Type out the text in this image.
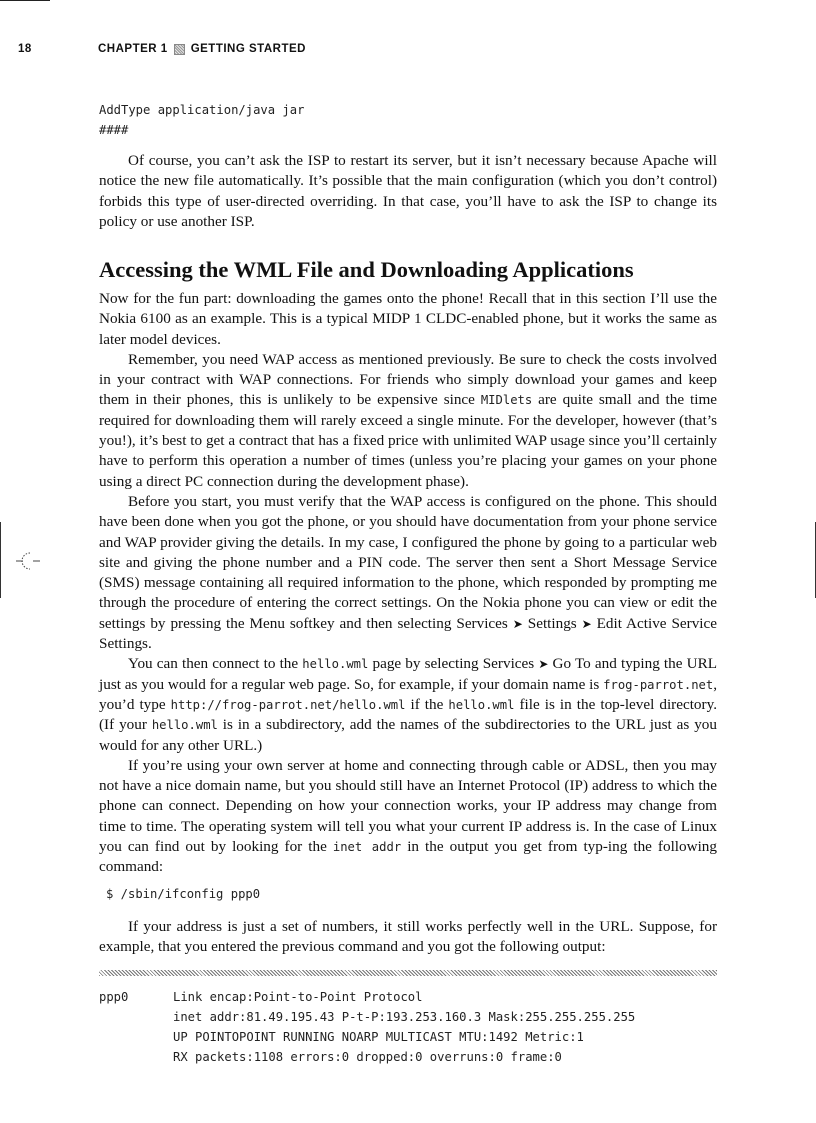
18	CHAPTER 1 GETTING STARTED
AddType application/java jar
####

Of course, you can’t ask the ISP to restart its server, but it isn’t necessary because Apache will notice the new file automatically. It’s possible that the main configuration (which you don’t control) forbids this type of user-directed overriding. In that case, you’ll have to ask the ISP to change its policy or use another ISP.

Accessing the WML File and Downloading Applications

Now for the fun part: downloading the games onto the phone! Recall that in this section I’ll use the Nokia 6100 as an example. This is a typical MIDP 1 CLDC-enabled phone, but it works the same as later model devices.

Remember, you need WAP access as mentioned previously. Be sure to check the costs involved in your contract with WAP connections. For friends who simply download your games and keep them in their phones, this is unlikely to be expensive since MIDlets are quite small and the time required for downloading them will rarely exceed a single minute. For the developer, however (that’s you!), it’s best to get a contract that has a fixed price with unlimited WAP usage since you’ll certainly have to perform this operation a number of times (unless you’re placing your games on your phone using a direct PC connection during the development phase).

Before you start, you must verify that the WAP access is configured on the phone. This should have been done when you got the phone, or you should have documentation from your phone service and WAP provider giving the details. In my case, I configured the phone by going to a particular web site and giving the phone number and a PIN code. The server then sent a Short Message Service (SMS) message containing all required information to the phone, which responded by prompting me through the procedure of entering the correct settings. On the Nokia phone you can view or edit the settings by pressing the Menu softkey and then selecting Services ➤ Settings ➤ Edit Active Service Settings.

You can then connect to the hello.wml page by selecting Services ➤ Go To and typing the URL just as you would for a regular web page. So, for example, if your domain name is frog-parrot.net, you’d type http://frog-parrot.net/hello.wml if the hello.wml file is in the top-level directory. (If your hello.wml is in a subdirectory, add the names of the subdirectories to the URL just as you would for any other URL.)

If you’re using your own server at home and connecting through cable or ADSL, then you may not have a nice domain name, but you should still have an Internet Protocol (IP) address to which the phone can connect. Depending on how your connection works, your IP address may change from time to time. The operating system will tell you what your current IP address is. In the case of Linux you can find out by looking for the inet addr in the output you get from typ-ing the following command:

$ /sbin/ifconfig ppp0

If your address is just a set of numbers, it still works perfectly well in the URL. Suppose, for example, that you entered the previous command and you got the following output:

ppp0	Link encap:Point-to-Point Protocol
inet addr:81.49.195.43 P-t-P:193.253.160.3 Mask:255.255.255.255
UP POINTOPOINT RUNNING NOARP MULTICAST MTU:1492 Metric:1
RX packets:1108 errors:0 dropped:0 overruns:0 frame:0
